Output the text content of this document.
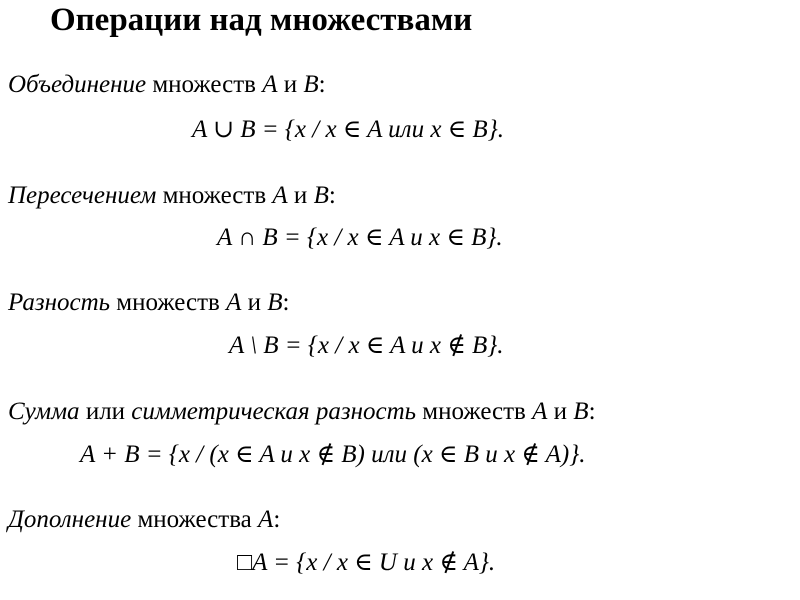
Операции над множествами
Объединение множеств A и B:
A ∪ B = {x / x ∈ A или x ∈ B}.
Пересечением множеств A и B:
A ∩ B = {x / x ∈ A и x ∈ B}.
Разность множеств A и B:
A \ B = {x / x ∈ A и x ∉ B}.
Сумма или симметрическая разность множеств A и B:
A + B = {x / (x ∈ A и x ∉ B) или (x ∈ B и x ∉ A)}.
Дополнение множества A:
□A = {x / x ∈ U и x ∉ A}.
